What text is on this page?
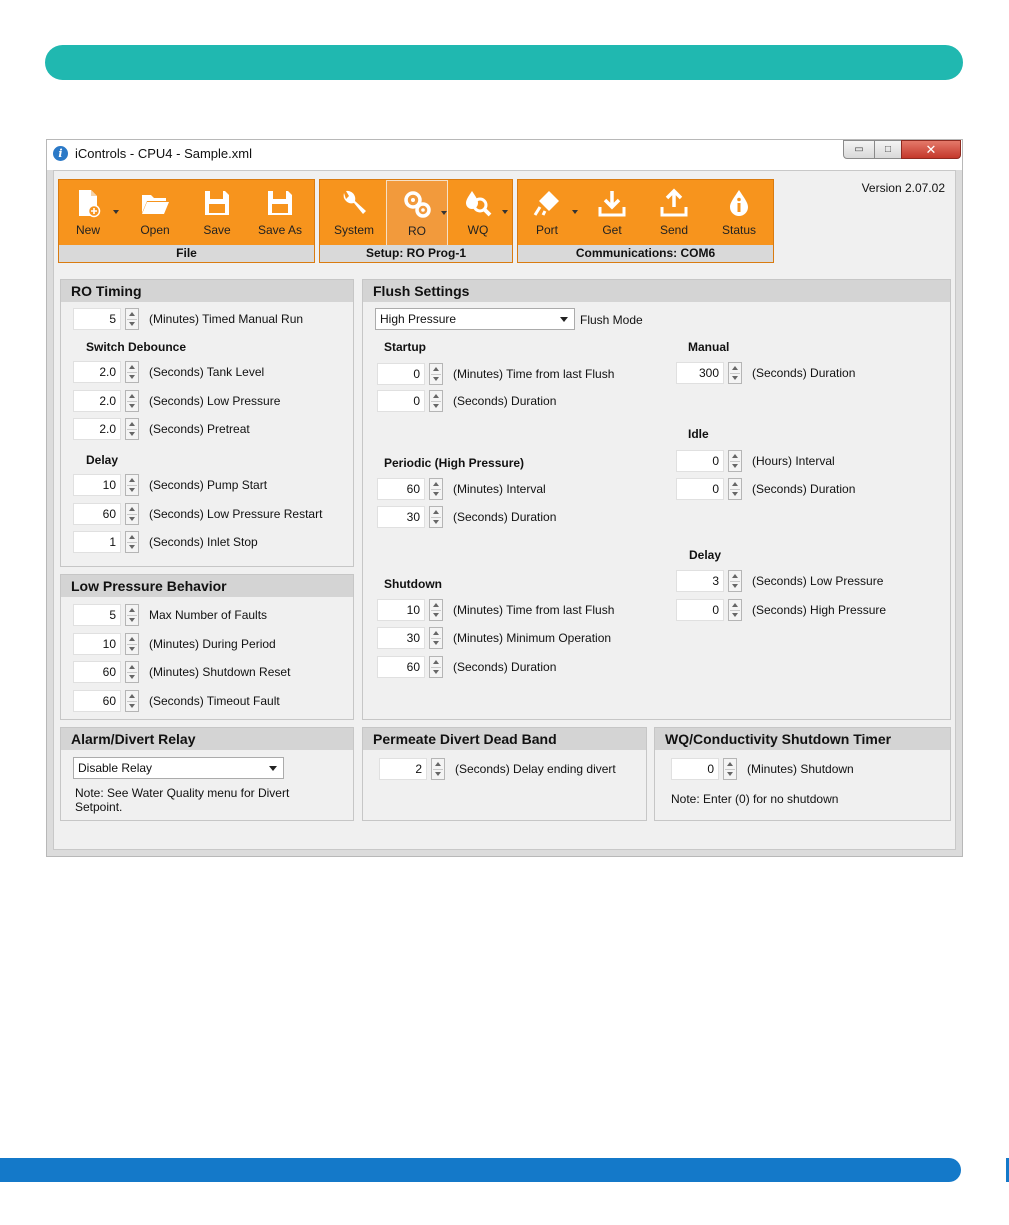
i iControls - CPU4 - Sample.xml	▭	□	✕
New	Open	Save	Save As
File
System	RO	WQ
Setup: RO Prog-1
Port	Get	Send	Status
Communications: COM6
Version 2.07.02
RO Timing
5	(Minutes) Timed Manual Run
Switch Debounce
2.0	(Seconds) Tank Level
2.0	(Seconds) Low Pressure
2.0	(Seconds) Pretreat
Delay
10	(Seconds) Pump Start
60	(Seconds) Low Pressure Restart
1	(Seconds) Inlet Stop
Low Pressure Behavior
5	Max Number of Faults
10	(Minutes) During Period
60	(Minutes) Shutdown Reset
60	(Seconds) Timeout Fault
Flush Settings
High Pressure	Flush Mode
Startup
0	(Minutes) Time from last Flush
0	(Seconds) Duration
Periodic (High Pressure)
60	(Minutes) Interval
30	(Seconds) Duration
Shutdown
10	(Minutes) Time from last Flush
30	(Minutes) Minimum Operation
60	(Seconds) Duration
Manual
300	(Seconds) Duration
Idle
0	(Hours) Interval
0	(Seconds) Duration
Delay
3	(Seconds) Low Pressure
0	(Seconds) High Pressure
Alarm/Divert Relay
Disable Relay
Note: See Water Quality menu for Divert Setpoint.
Permeate Divert Dead Band
2	(Seconds) Delay ending divert
WQ/Conductivity Shutdown Timer
0	(Minutes) Shutdown
Note: Enter (0) for no shutdown
